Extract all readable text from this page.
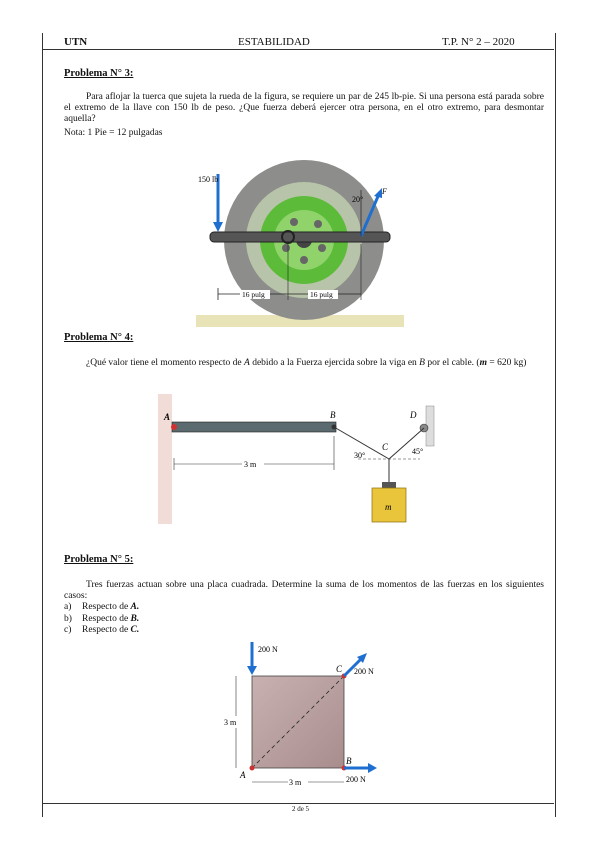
UTN	ESTABILIDAD	T.P. N° 2 – 2020
Problema N° 3:
Para aflojar la tuerca que sujeta la rueda de la figura, se requiere un par de 245 lb-pie. Si una persona está parada sobre el extremo de la llave con 150 lb de peso. ¿Que fuerza deberá ejercer otra persona, en el otro extremo, para desmontar aquella?
Nota: 1 Pie = 12 pulgadas
150 lb
F
20°
16 pulg	16 pulg
Problema N° 4:
¿Qué valor tiene el momento respecto de A debido a la Fuerza ejercida sobre la viga en B por el cable. (m = 620 kg)
A	B	D
C
30°	45°
3 m
m
Problema N° 5:
Tres fuerzas actuan sobre una placa cuadrada. Determine la suma de los momentos de las fuerzas en los siguientes casos:
a) Respecto de A.
b) Respecto de B.
c) Respecto de C.
200 N
200 N
C
200 N
B
A
3 m
3 m
2 de 5
